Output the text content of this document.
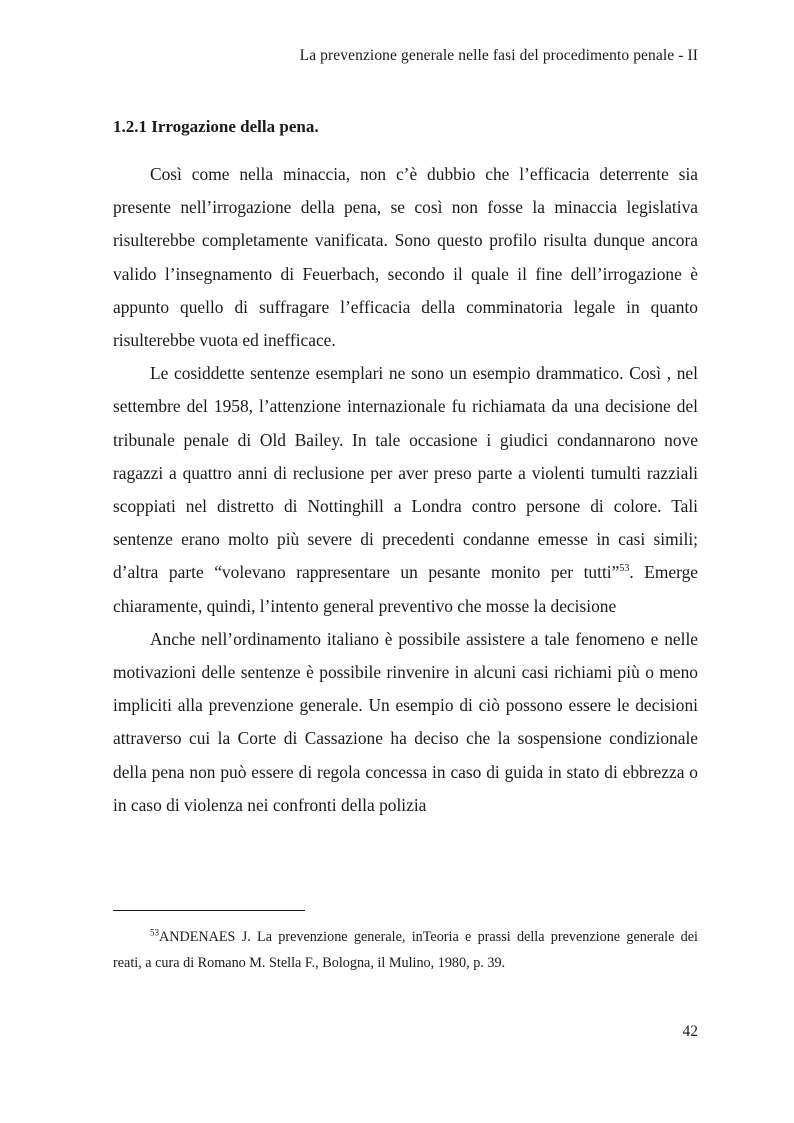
La prevenzione generale nelle fasi del procedimento penale - II
1.2.1 Irrogazione della pena.

Così come nella minaccia, non c’è dubbio che l’efficacia deterrente sia presente nell’irrogazione della pena, se così non fosse la minaccia legislativa risulterebbe completamente vanificata. Sono questo profilo risulta dunque ancora valido l’insegnamento di Feuerbach, secondo il quale il fine dell’irrogazione è appunto quello di suffragare l’efficacia della comminatoria legale in quanto risulterebbe vuota ed inefficace.

Le cosiddette sentenze esemplari ne sono un esempio drammatico. Così , nel settembre del 1958, l’attenzione internazionale fu richiamata da una decisione del tribunale penale di Old Bailey. In tale occasione i giudici condannarono nove ragazzi a quattro anni di reclusione per aver preso parte a violenti tumulti razziali scoppiati nel distretto di Nottinghill a Londra contro persone di colore. Tali sentenze erano molto più severe di precedenti condanne emesse in casi simili; d’altra parte “volevano rappresentare un pesante monito per tutti”$^{53}$. Emerge chiaramente, quindi, l’intento general preventivo che mosse la decisione

Anche nell’ordinamento italiano è possibile assistere a tale fenomeno e nelle motivazioni delle sentenze è possibile rinvenire in alcuni casi richiami più o meno impliciti alla prevenzione generale. Un esempio di ciò possono essere le decisioni attraverso cui la Corte di Cassazione ha deciso che la sospensione condizionale della pena non può essere di regola concessa in caso di guida in stato di ebbrezza o in caso di violenza nei confronti della polizia

$^{53}$ANDENAES J. La prevenzione generale, inTeoria e prassi della prevenzione generale dei reati, a cura di Romano M. Stella F., Bologna, il Mulino, 1980, p. 39.
42
